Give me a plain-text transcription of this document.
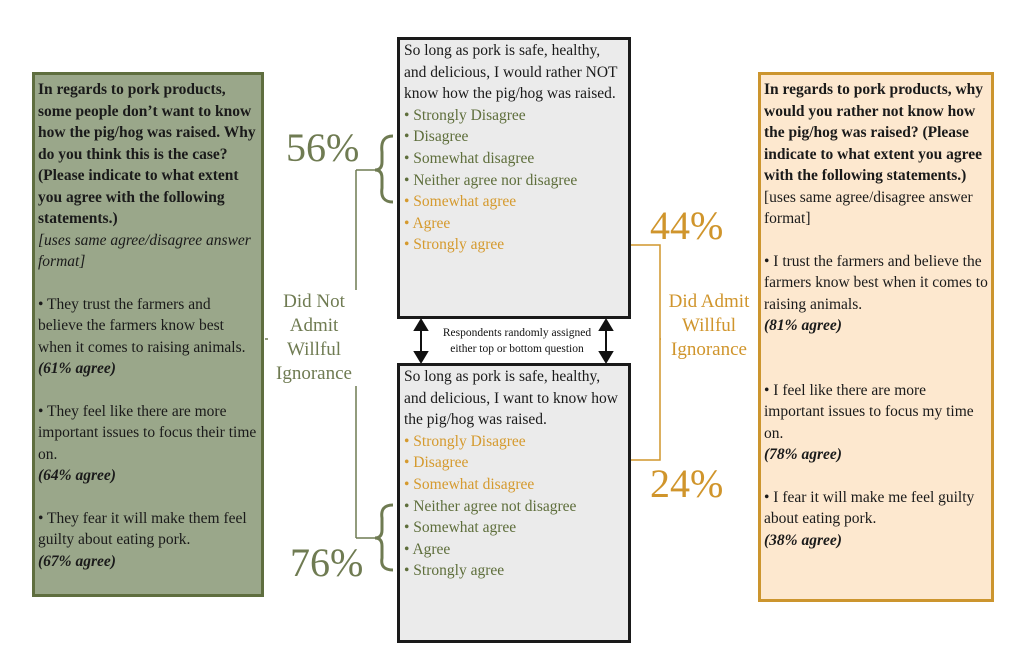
In regards to pork products, some people don’t want to know how the pig/hog was raised. Why do you think this is the case? (Please indicate to what extent you agree with the following statements.)
[uses same agree/disagree answer format]
• They trust the farmers and believe the farmers know best when it comes to raising animals.
(61% agree)
• They feel like there are more important issues to focus their time on.
(64% agree)
• They fear it will make them feel guilty about eating pork.
(67% agree)
In regards to pork products, why would you rather not know how the pig/hog was raised? (Please indicate to what extent you agree with the following statements.)
[uses same agree/disagree answer format]
• I trust the farmers and believe the farmers know best when it comes to raising animals.
(81% agree)
• I feel like there are more important issues to focus my time on.
(78% agree)
• I fear it will make me feel guilty about eating pork.
(38% agree)
So long as pork is safe, healthy, and delicious, I would rather NOT know how the pig/hog was raised.
• Strongly Disagree
• Disagree
• Somewhat disagree
• Neither agree nor disagree
• Somewhat agree
• Agree
• Strongly agree
So long as pork is safe, healthy, and delicious, I want to know how the pig/hog was raised.
• Strongly Disagree
• Disagree
• Somewhat disagree
• Neither agree not disagree
• Somewhat agree
• Agree
• Strongly agree
56%
44%
24%
76%
Did Not
Admit
Willful
Ignorance
Did Admit
Willful
Ignorance
Respondents randomly assigned
either top or bottom question
